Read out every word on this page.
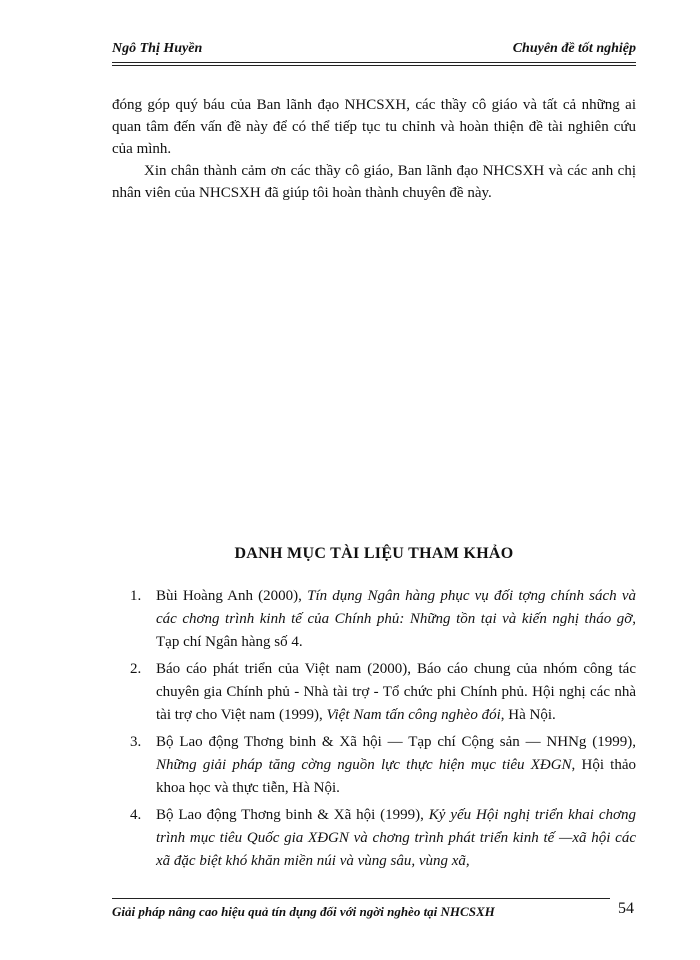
Ngô Thị Huyền	Chuyên đề tốt nghiệp
đóng góp quý báu của Ban lãnh đạo NHCSXH, các thầy cô giáo và tất cả những ai quan tâm đến vấn đề này để có thể tiếp tục tu chỉnh và hoàn thiện đề tài nghiên cứu của mình.
Xin chân thành cảm ơn các thầy cô giáo, Ban lãnh đạo NHCSXH và các anh chị nhân viên của NHCSXH đã giúp tôi hoàn thành chuyên đề này.
DANH MỤC TÀI LIỆU THAM KHẢO
1. Bùi Hoàng Anh (2000), Tín dụng Ngân hàng phục vụ đối tợng chính sách và các chơng trình kinh tế của Chính phủ: Những tồn tại và kiến nghị tháo gỡ, Tạp chí Ngân hàng số 4.
2. Báo cáo phát triển của Việt nam (2000), Báo cáo chung của nhóm công tác chuyên gia Chính phủ - Nhà tài trợ - Tổ chức phi Chính phủ. Hội nghị các nhà tài trợ cho Việt nam (1999), Việt Nam tấn công nghèo đói, Hà Nội.
3. Bộ Lao động Thơng binh & Xã hội — Tạp chí Cộng sản — NHNg (1999), Những giải pháp tăng cờng nguồn lực thực hiện mục tiêu XĐGN, Hội thảo khoa học và thực tiễn, Hà Nội.
4. Bộ Lao động Thơng binh & Xã hội (1999), Kỷ yếu Hội nghị triển khai chơng trình mục tiêu Quốc gia XĐGN và chơng trình phát triển kinh tế —xã hội các xã đặc biệt khó khăn miền núi và vùng sâu, vùng xã,
Giải pháp nâng cao hiệu quả tín dụng đối với ngời nghèo tại NHCSXH	54
